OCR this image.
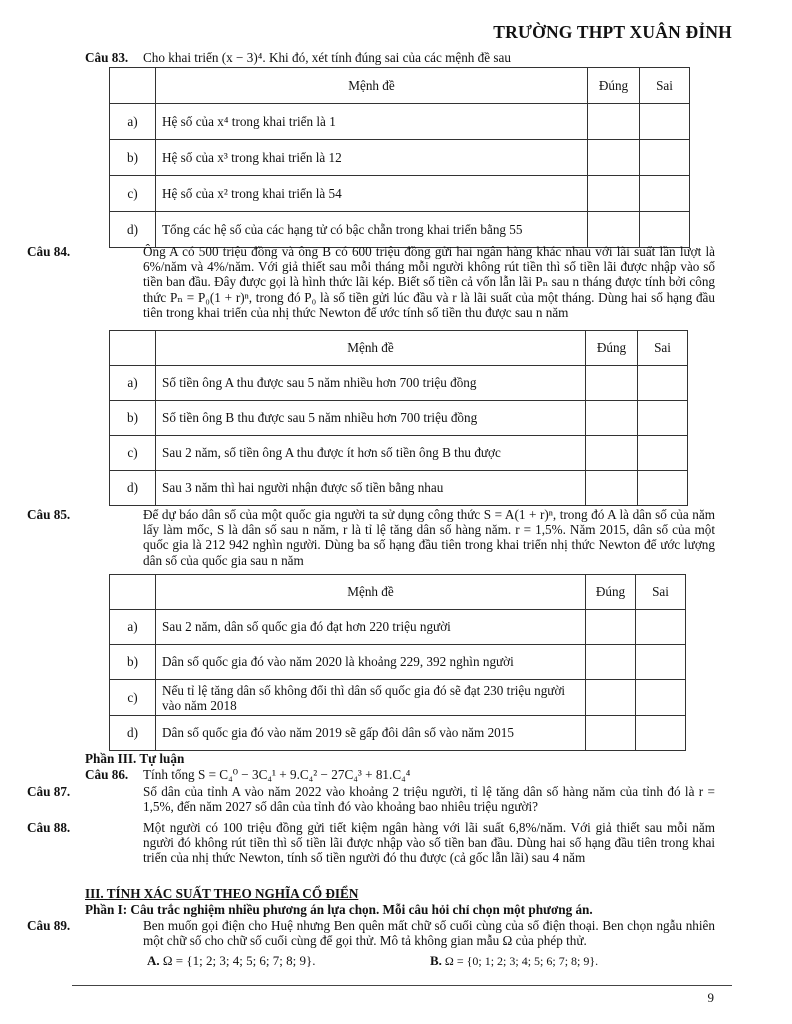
TRƯỜNG THPT XUÂN ĐỈNH
Câu 83. Cho khai triển (x − 3)⁴. Khi đó, xét tính đúng sai của các mệnh đề sau
	Mệnh đề	Đúng	Sai
a)	Hệ số của x⁴ trong khai triển là 1		
b)	Hệ số của x³ trong khai triển là 12		
c)	Hệ số của x² trong khai triển là 54		
d)	Tổng các hệ số của các hạng tử có bậc chẵn trong khai triển bằng 55		
Câu 84.	Ông A có 500 triệu đồng và ông B có 600 triệu đồng gửi hai ngân hàng khác nhau với lãi suất lần lượt là 6%/năm và 4%/năm. Với giả thiết sau mỗi tháng mỗi người không rút tiền thì số tiền lãi được nhập vào số tiền ban đầu. Đây được gọi là hình thức lãi kép. Biết số tiền cả vốn lẫn lãi Pₙ sau n tháng được tính bởi công thức Pₙ = P₀(1 + r)ⁿ, trong đó P₀ là số tiền gửi lúc đầu và r là lãi suất của một tháng. Dùng hai số hạng đầu tiên trong khai triển của nhị thức Newton để ước tính số tiền thu được sau n năm
	Mệnh đề	Đúng	Sai
a)	Số tiền ông A thu được sau 5 năm nhiều hơn 700 triệu đồng		
b)	Số tiền ông B thu được sau 5 năm nhiều hơn 700 triệu đồng		
c)	Sau 2 năm, số tiền ông A thu được ít hơn số tiền ông B thu được		
d)	Sau 3 năm thì hai người nhận được số tiền bằng nhau		
Câu 85.	Để dự báo dân số của một quốc gia người ta sử dụng công thức S = A(1 + r)ⁿ, trong đó A là dân số của năm lấy làm mốc, S là dân số sau n năm, r là tỉ lệ tăng dân số hàng năm. r = 1,5%. Năm 2015, dân số của một quốc gia là 212 942 nghìn người. Dùng ba số hạng đầu tiên trong khai triển nhị thức Newton để ước lượng dân số của quốc gia sau n năm
	Mệnh đề	Đúng	Sai
a)	Sau 2 năm, dân số quốc gia đó đạt hơn 220 triệu người		
b)	Dân số quốc gia đó vào năm 2020 là khoảng 229, 392 nghìn người		
c)	Nếu tỉ lệ tăng dân số không đổi thì dân số quốc gia đó sẽ đạt 230 triệu người vào năm 2018		
d)	Dân số quốc gia đó vào năm 2019 sẽ gấp đôi dân số vào năm 2015		
Phần III. Tự luận
Câu 86. Tính tổng S = C₄⁰ − 3C₄¹ + 9.C₄² − 27C₄³ + 81.C₄⁴
Câu 87.	Số dân của tỉnh A vào năm 2022 vào khoảng 2 triệu người, tỉ lệ tăng dân số hàng năm của tỉnh đó là r = 1,5%, đến năm 2027 số dân của tỉnh đó vào khoảng bao nhiêu triệu người?
Câu 88.	Một người có 100 triệu đồng gửi tiết kiệm ngân hàng với lãi suất 6,8%/năm. Với giả thiết sau mỗi năm người đó không rút tiền thì số tiền lãi được nhập vào số tiền ban đầu. Dùng hai số hạng đầu tiên trong khai triển của nhị thức Newton, tính số tiền người đó thu được (cả gốc lẫn lãi) sau 4 năm
III. TÍNH XÁC SUẤT THEO NGHĨA CỔ ĐIỂN
Phần I: Câu trắc nghiệm nhiều phương án lựa chọn. Mỗi câu hỏi chỉ chọn một phương án.
Câu 89.	Ben muốn gọi điện cho Huệ nhưng Ben quên mất chữ số cuối cùng của số điện thoại. Ben chọn ngẫu nhiên một chữ số cho chữ số cuối cùng để gọi thử. Mô tả không gian mẫu Ω của phép thử.
A. Ω = {1; 2; 3; 4; 5; 6; 7; 8; 9}.	B. Ω = {0; 1; 2; 3; 4; 5; 6; 7; 8; 9}.
9
